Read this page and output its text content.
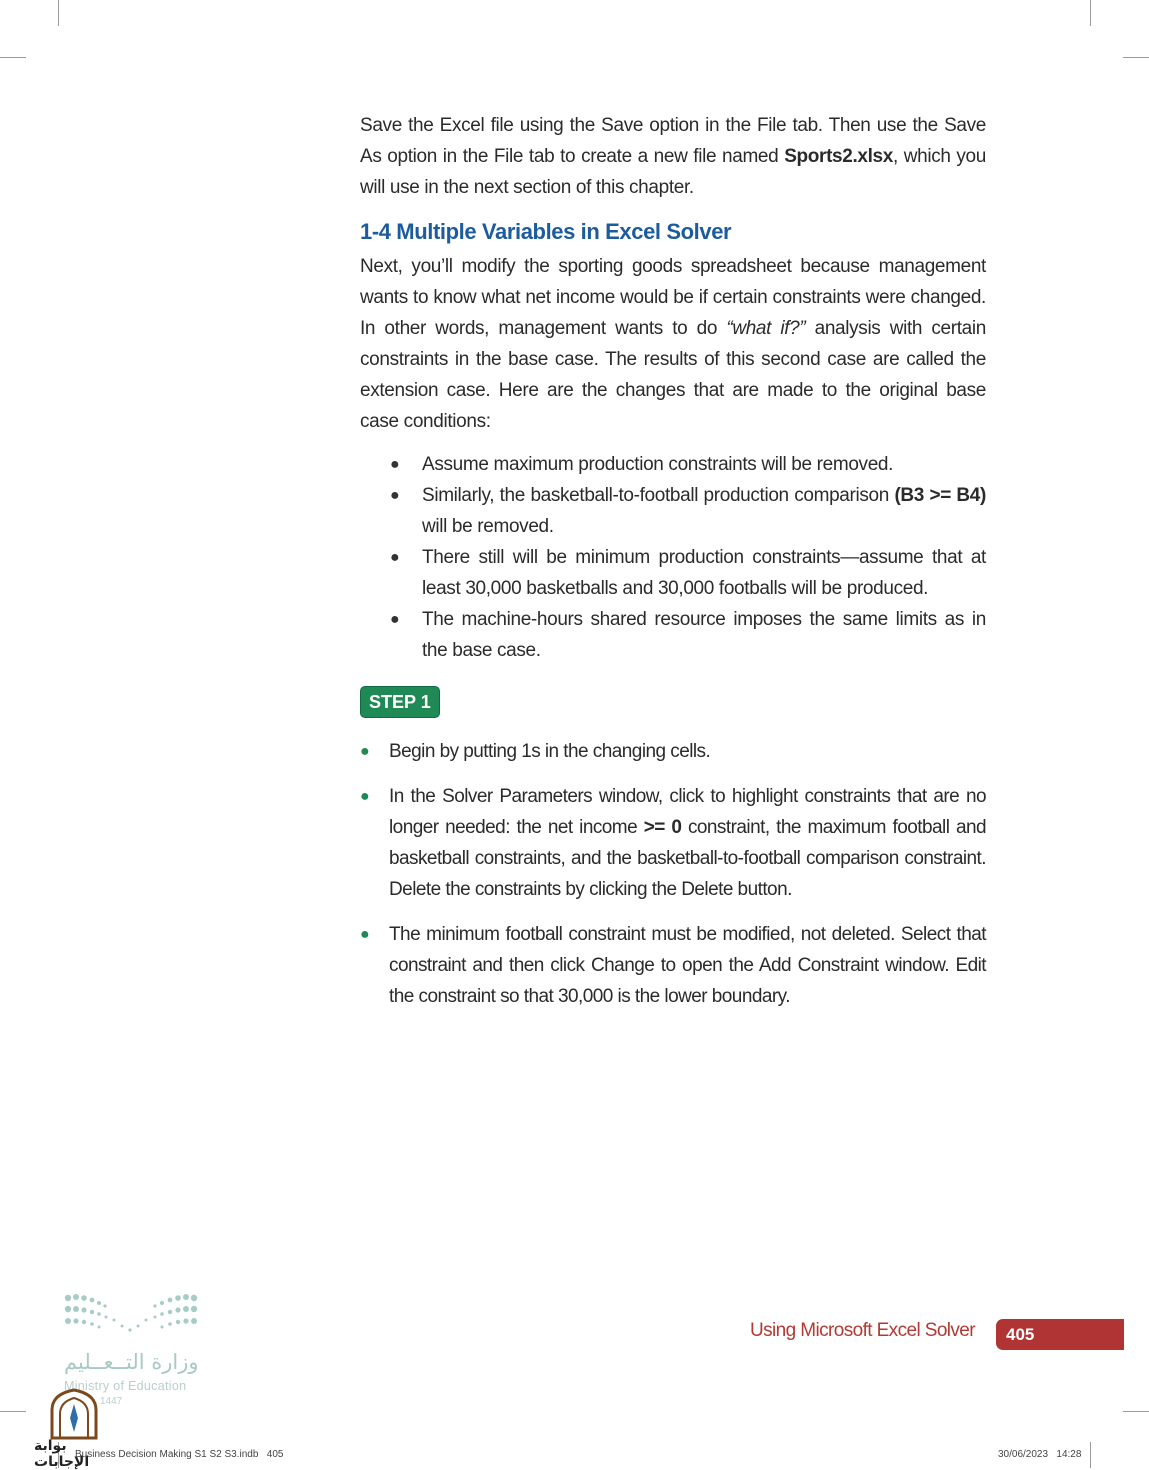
Save the Excel file using the Save option in the File tab. Then use the Save As option in the File tab to create a new file named Sports2.xlsx, which you will use in the next section of this chapter.

1-4 Multiple Variables in Excel Solver

Next, you’ll modify the sporting goods spreadsheet because management wants to know what net income would be if certain constraints were changed. In other words, management wants to do “what if?” analysis with certain constraints in the base case. The results of this second case are called the extension case. Here are the changes that are made to the original base case conditions:

● Assume maximum production constraints will be removed.
● Similarly, the basketball-to-football production comparison (B3 >= B4) will be removed.
● There still will be minimum production constraints—assume that at least 30,000 basketballs and 30,000 footballs will be produced.
● The machine-hours shared resource imposes the same limits as in the base case.
STEP 1
● Begin by putting 1s in the changing cells.
● In the Solver Parameters window, click to highlight constraints that are no longer needed: the net income >= 0 constraint, the maximum football and basketball constraints, and the basketball-to-football comparison constraint. Delete the constraints by clicking the Delete button.
● The minimum football constraint must be modified, not deleted. Select that constraint and then click Change to open the Add Constraint window. Edit the constraint so that 30,000 is the lower boundary.
وزارة التــعــليم
Ministry of Education
1447
بوابة الإجابات
Using Microsoft Excel Solver	405
Business Decision Making S1 S2 S3.indb   405	30/06/2023   14:28
